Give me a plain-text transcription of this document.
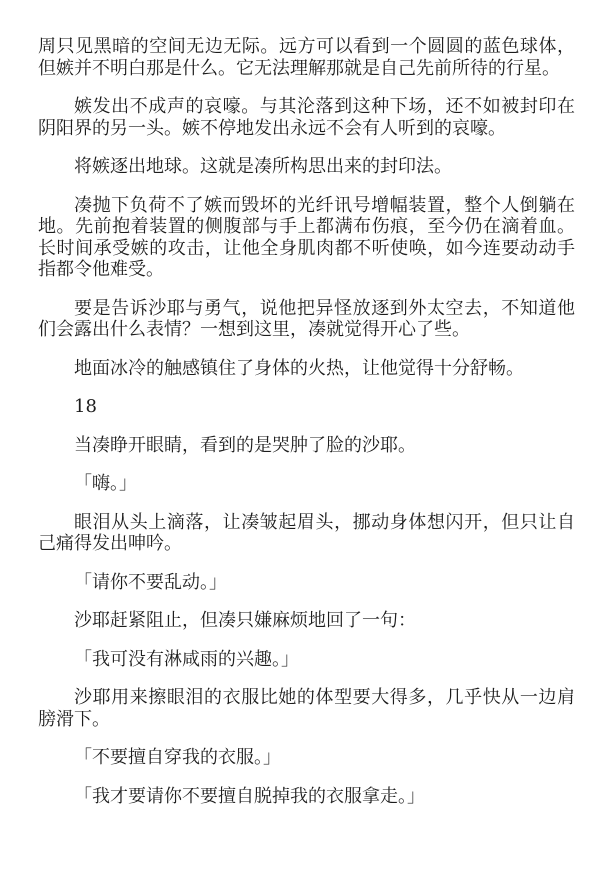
周只见黑暗的空间无边无际。远方可以看到一个圆圆的蓝色球体，但嫉并不明白那是什么。它无法理解那就是自己先前所待的行星。

嫉发出不成声的哀嚎。与其沦落到这种下场，还不如被封印在阴阳界的另一头。嫉不停地发出永远不会有人听到的哀嚎。

将嫉逐出地球。这就是凑所构思出来的封印法。

凑抛下负荷不了嫉而毁坏的光纤讯号增幅装置，整个人倒躺在地。先前抱着装置的侧腹部与手上都满布伤痕，至今仍在滴着血。长时间承受嫉的攻击，让他全身肌肉都不听使唤，如今连要动动手指都令他难受。

要是告诉沙耶与勇气，说他把异怪放逐到外太空去，不知道他们会露出什么表情？一想到这里，凑就觉得开心了些。

地面冰冷的触感镇住了身体的火热，让他觉得十分舒畅。

18

当凑睁开眼睛，看到的是哭肿了脸的沙耶。

「嗨。」

眼泪从头上滴落，让凑皱起眉头，挪动身体想闪开，但只让自己痛得发出呻吟。

「请你不要乱动。」

沙耶赶紧阻止，但凑只嫌麻烦地回了一句：

「我可没有淋咸雨的兴趣。」

沙耶用来擦眼泪的衣服比她的体型要大得多，几乎快从一边肩膀滑下。

「不要擅自穿我的衣服。」

「我才要请你不要擅自脱掉我的衣服拿走。」
